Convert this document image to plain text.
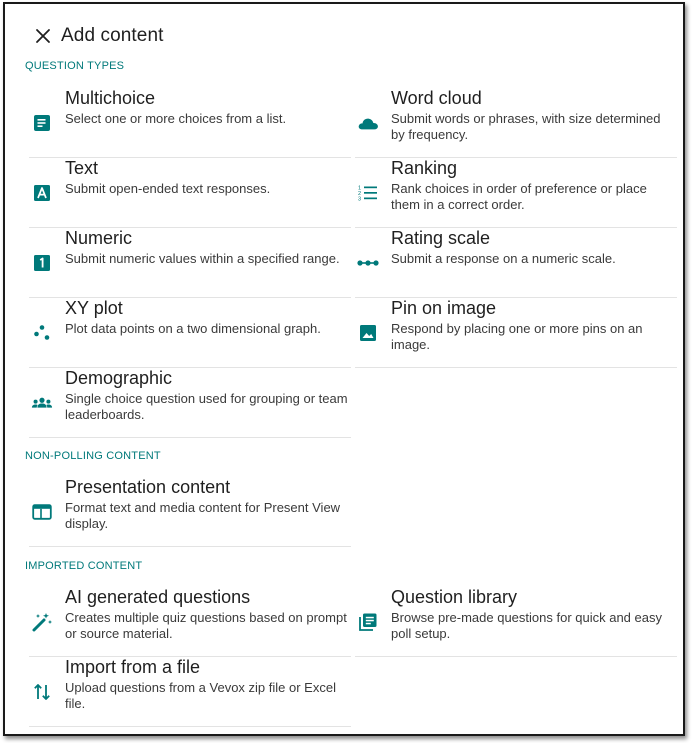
Add content
QUESTION TYPES
Multichoice
Select one or more choices from a list.
Word cloud
Submit words or phrases, with size determined by frequency.
Text
Submit open-ended text responses.	1
2
3
Ranking
Rank choices in order of preference or place them in a correct order.
Numeric
Submit numeric values within a specified range.
Rating scale
Submit a response on a numeric scale.
XY plot
Plot data points on a two dimensional graph.
Pin on image
Respond by placing one or more pins on an image.
Demographic
Single choice question used for grouping or team leaderboards.
NON-POLLING CONTENT
Presentation content
Format text and media content for Present View display.
IMPORTED CONTENT
AI generated questions
Creates multiple quiz questions based on prompt or source material.
Question library
Browse pre-made questions for quick and easy poll setup.
Import from a file
Upload questions from a Vevox zip file or Excel file.
